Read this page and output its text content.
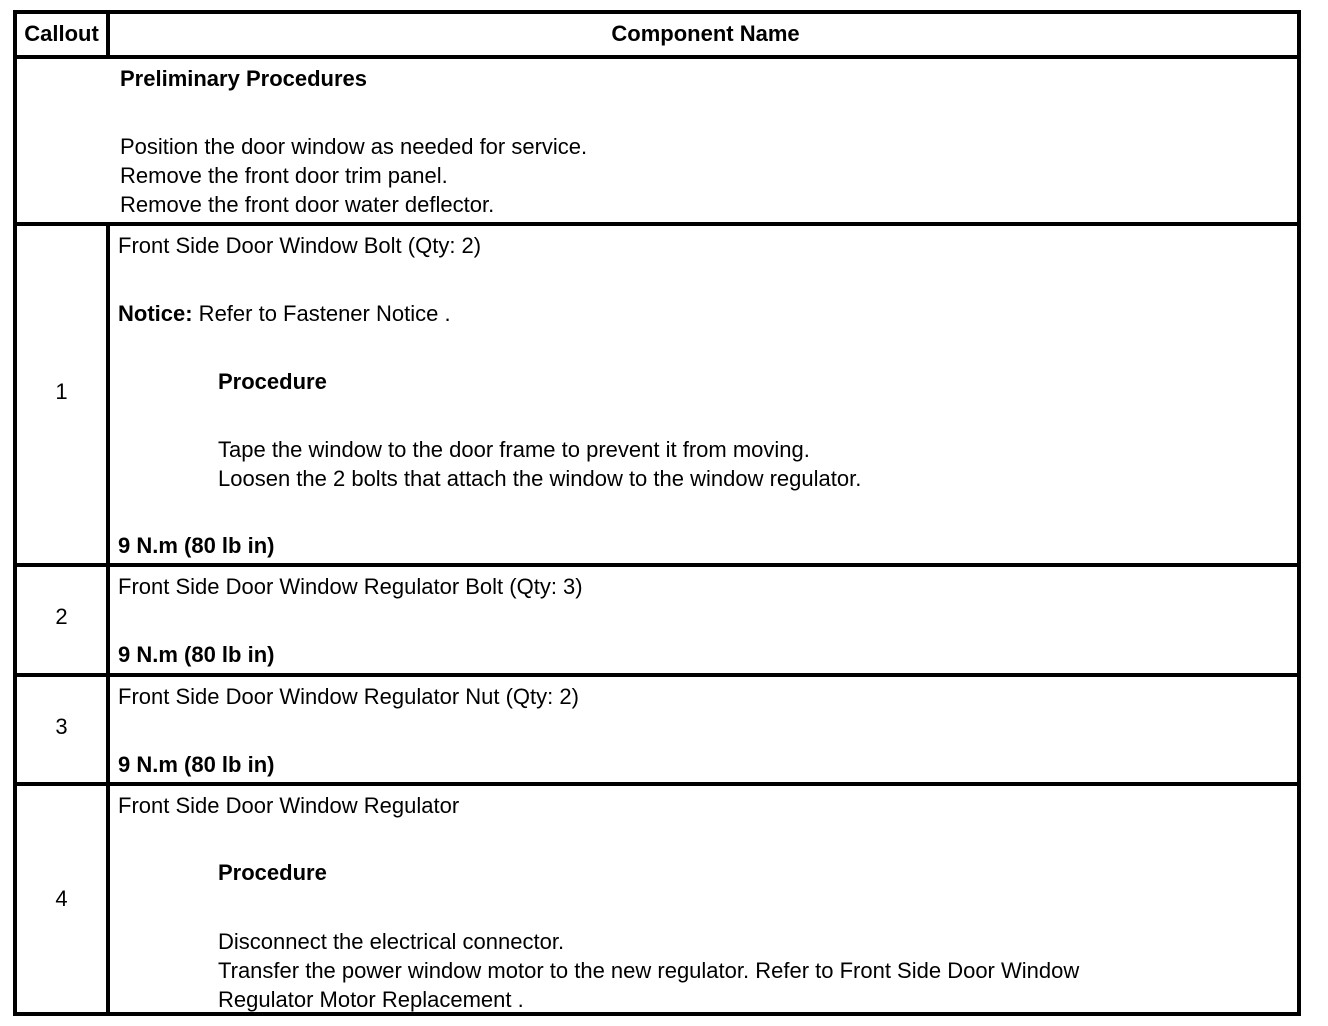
Callout	Component Name
Preliminary Procedures
Position the door window as needed for service.
Remove the front door trim panel.
Remove the front door water deflector.
1
Front Side Door Window Bolt (Qty: 2)
Notice: Refer to Fastener Notice .
Procedure
Tape the window to the door frame to prevent it from moving.
Loosen the 2 bolts that attach the window to the window regulator.
9 N.m (80 lb in)
2
Front Side Door Window Regulator Bolt (Qty: 3)
9 N.m (80 lb in)
3
Front Side Door Window Regulator Nut (Qty: 2)
9 N.m (80 lb in)
4
Front Side Door Window Regulator
Procedure
Disconnect the electrical connector.
Transfer the power window motor to the new regulator. Refer to Front Side Door Window
Regulator Motor Replacement .
